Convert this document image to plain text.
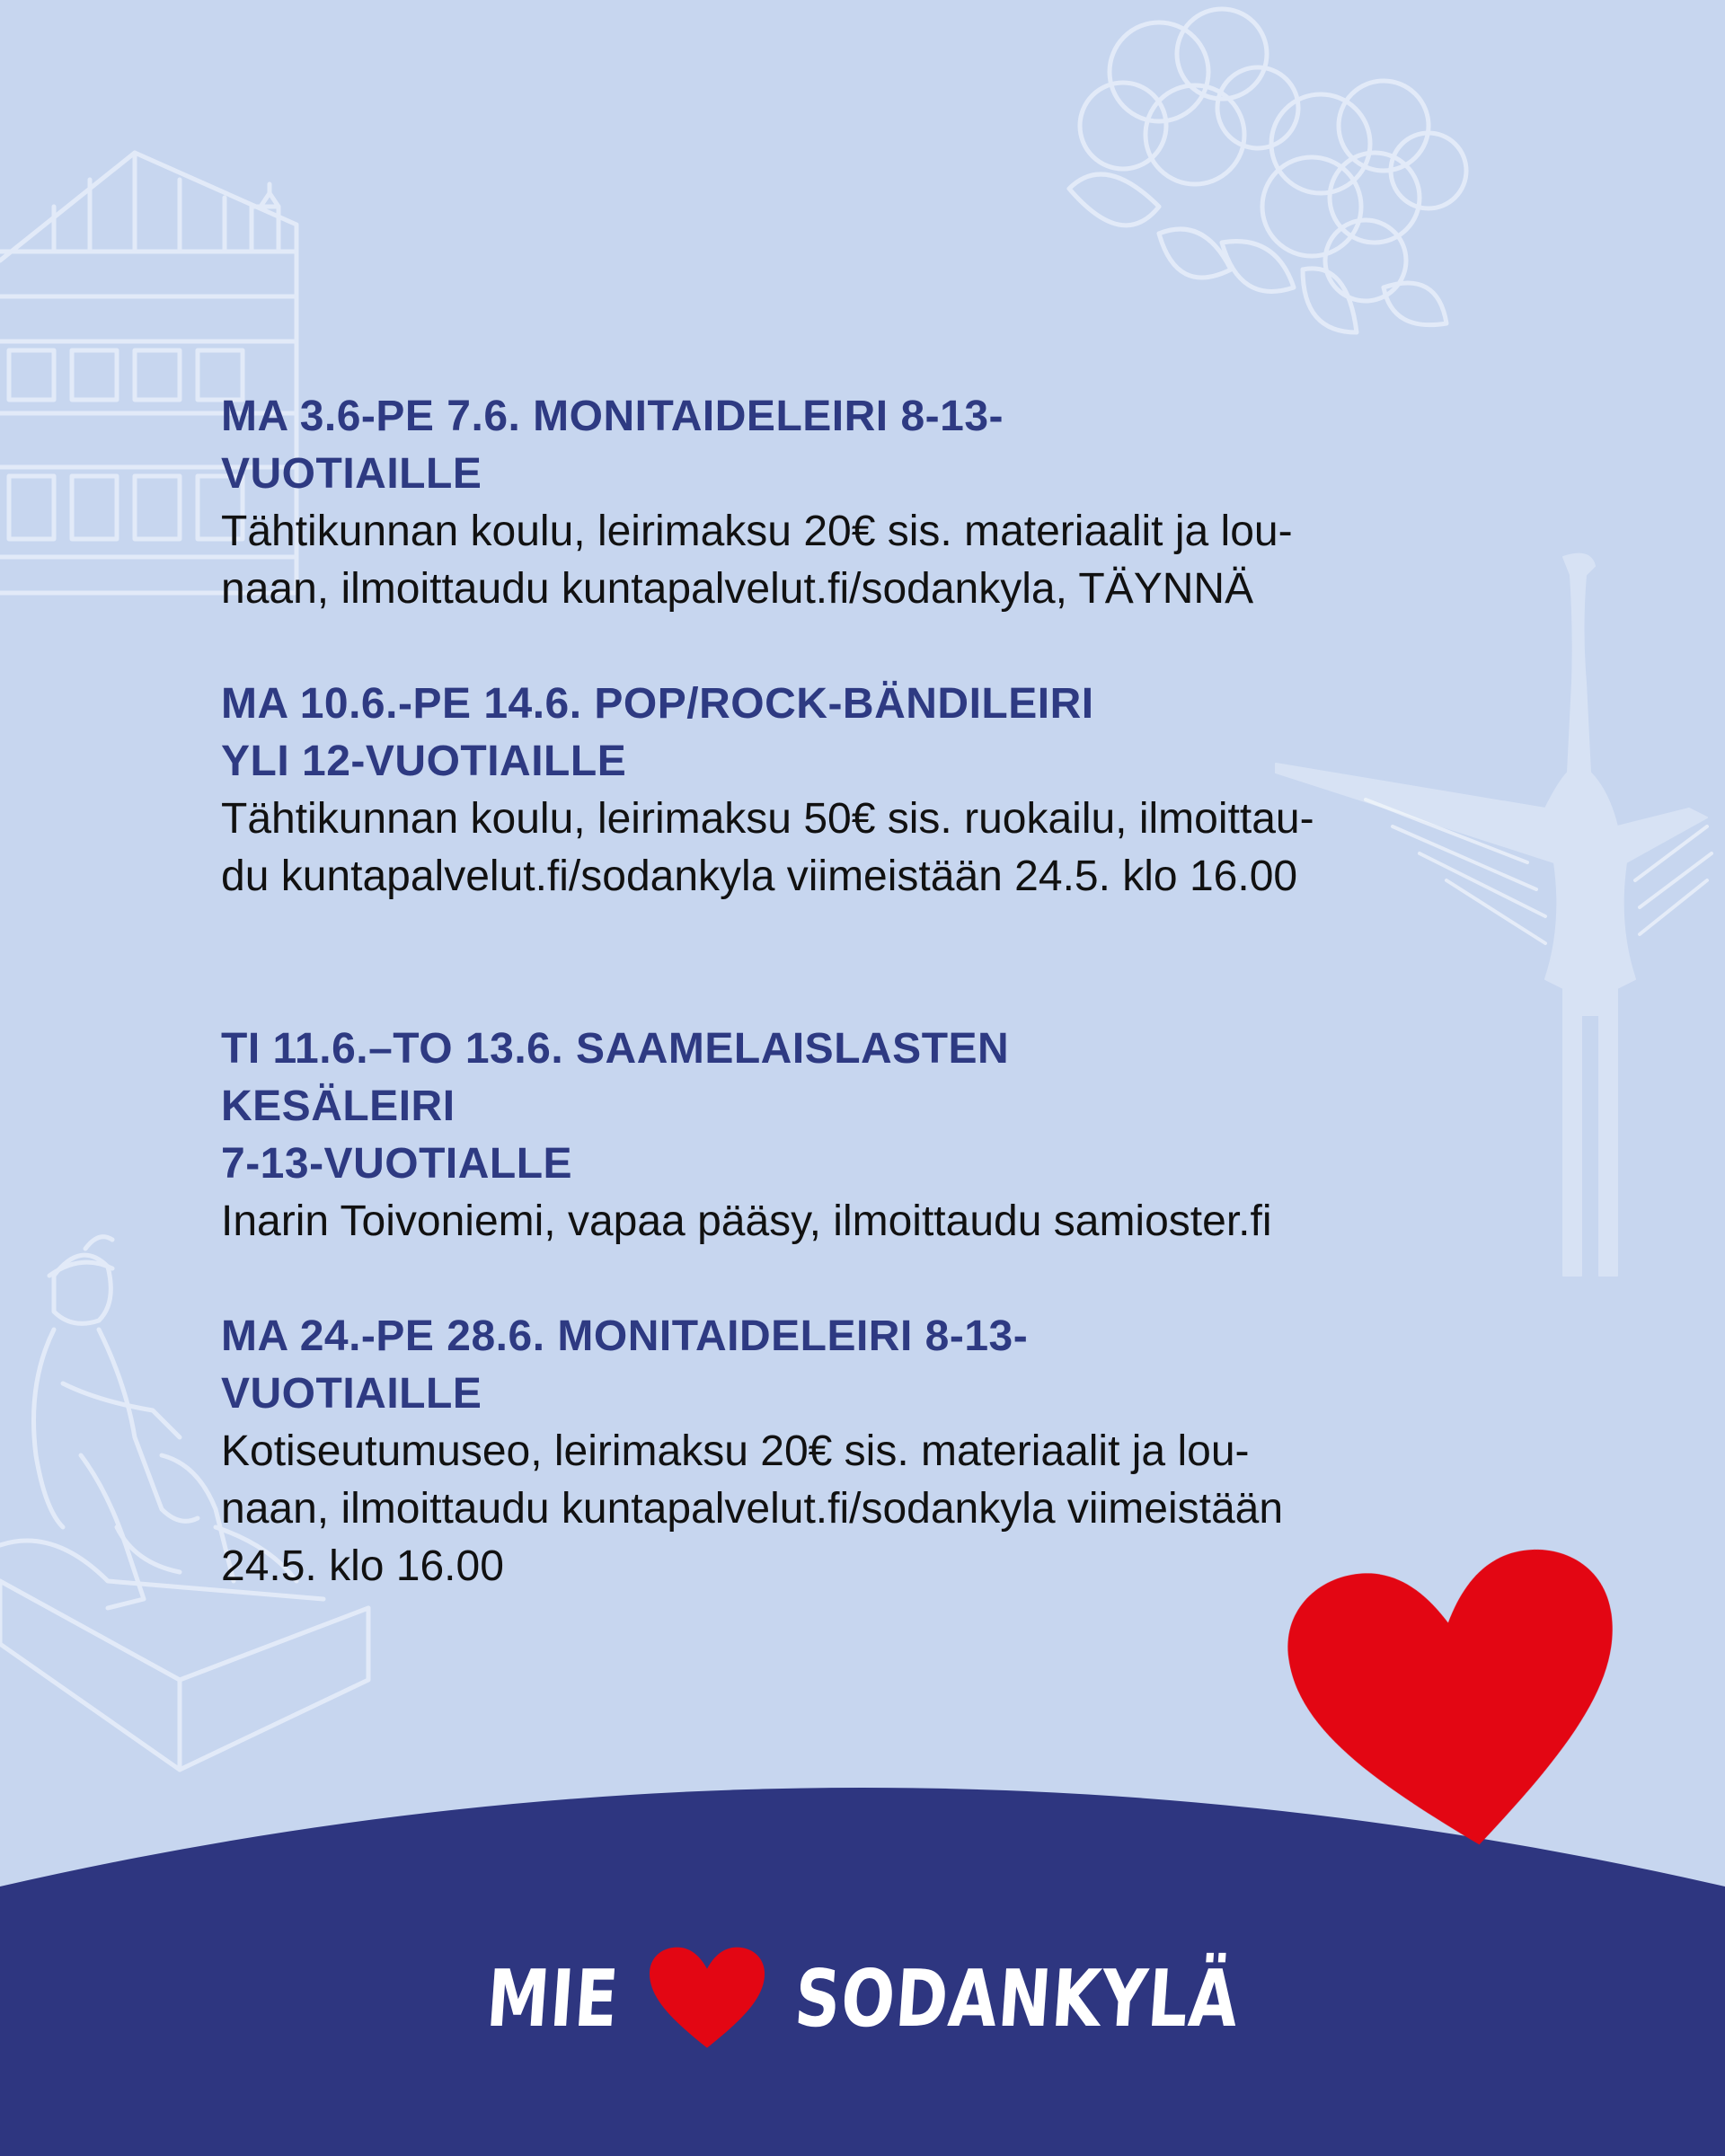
MA 3.6-PE 7.6. MONITAIDELEIRI 8-13-VUOTIAILLE
Tähtikunnan koulu, leirimaksu 20€ sis. materiaalit ja lou-
naan, ilmoittaudu kuntapalvelut.fi/sodankyla, TÄYNNÄ
MA 10.6.-PE 14.6. POP/ROCK-BÄNDILEIRI
YLI 12-VUOTIAILLE
Tähtikunnan koulu, leirimaksu 50€ sis. ruokailu, ilmoittau-
du kuntapalvelut.fi/sodankyla viimeistään 24.5. klo 16.00
TI 11.6.–TO 13.6. SAAMELAISLASTEN KESÄLEIRI
7-13-VUOTIALLE
Inarin Toivoniemi, vapaa pääsy, ilmoittaudu samioster.fi
MA 24.-PE 28.6. MONITAIDELEIRI 8-13-VUOTIAILLE
Kotiseutumuseo, leirimaksu 20€ sis. materiaalit ja lou-
naan, ilmoittaudu kuntapalvelut.fi/sodankyla viimeistään
24.5. klo 16.00
MIE	SODANKYLÄ
